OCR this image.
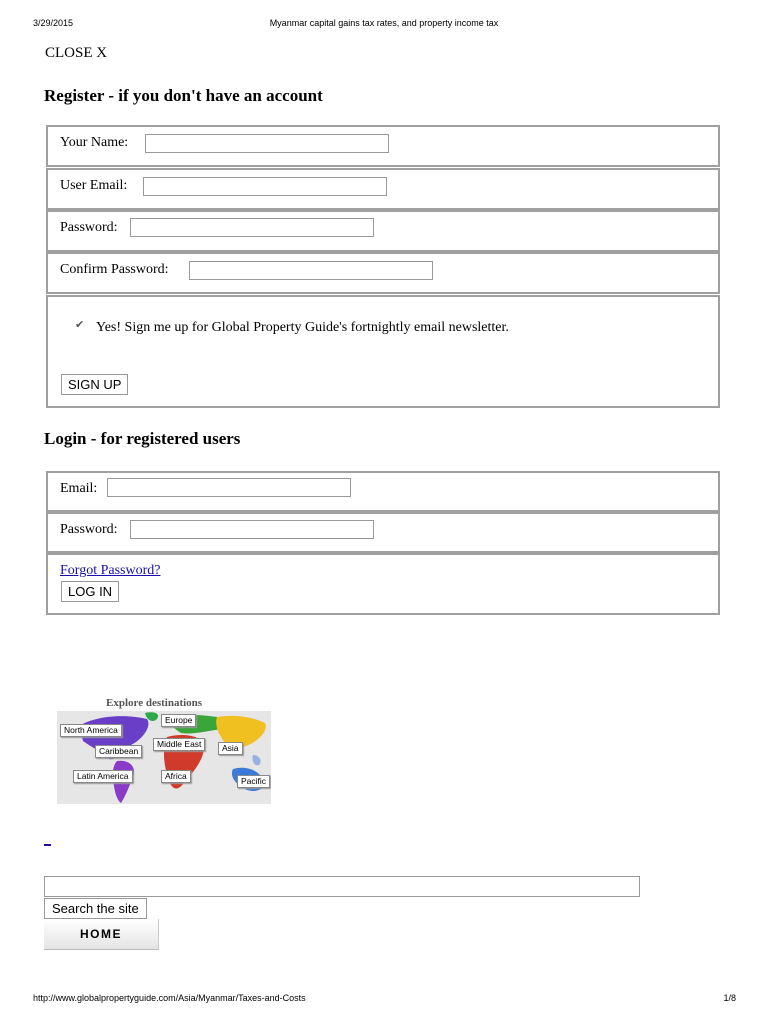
3/29/2015	Myanmar capital gains tax rates, and property income tax
CLOSE X
Register - if you don't have an account
Your Name:
User Email:
Password:
Confirm Password:
✔ Yes! Sign me up for Global Property Guide's fortnightly email newsletter.
SIGN UP
Login - for registered users
Email:
Password:
Forgot Password?
LOG IN
Explore destinations
North America
Europe
Caribbean
Middle East	Asia
Latin America	Africa	Pacific
Search the site
HOME
http://www.globalpropertyguide.com/Asia/Myanmar/Taxes-and-Costs	1/8
